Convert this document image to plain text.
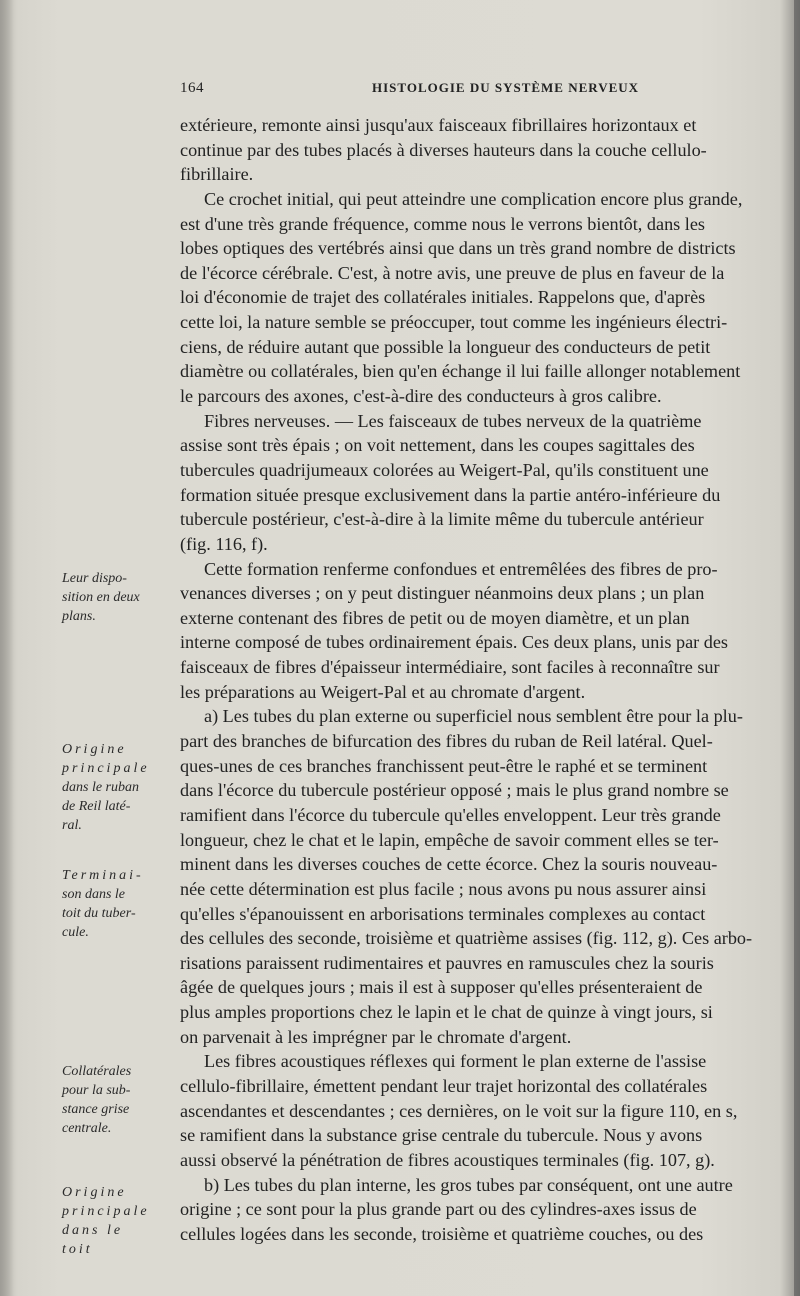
164	HISTOLOGIE DU SYSTÈME NERVEUX
extérieure, remonte ainsi jusqu'aux faisceaux fibrillaires horizontaux et
continue par des tubes placés à diverses hauteurs dans la couche cellulo-
fibrillaire.
Ce crochet initial, qui peut atteindre une complication encore plus grande,
est d'une très grande fréquence, comme nous le verrons bientôt, dans les
lobes optiques des vertébrés ainsi que dans un très grand nombre de districts
de l'écorce cérébrale. C'est, à notre avis, une preuve de plus en faveur de la
loi d'économie de trajet des collatérales initiales. Rappelons que, d'après
cette loi, la nature semble se préoccuper, tout comme les ingénieurs électri-
ciens, de réduire autant que possible la longueur des conducteurs de petit
diamètre ou collatérales, bien qu'en échange il lui faille allonger notablement
le parcours des axones, c'est-à-dire des conducteurs à gros calibre.
Fibres nerveuses. — Les faisceaux de tubes nerveux de la quatrième
assise sont très épais ; on voit nettement, dans les coupes sagittales des
tubercules quadrijumeaux colorées au Weigert-Pal, qu'ils constituent une
formation située presque exclusivement dans la partie antéro-inférieure du
tubercule postérieur, c'est-à-dire à la limite même du tubercule antérieur
(fig. 116, f).
Cette formation renferme confondues et entremêlées des fibres de pro-
venances diverses ; on y peut distinguer néanmoins deux plans ; un plan
externe contenant des fibres de petit ou de moyen diamètre, et un plan
interne composé de tubes ordinairement épais. Ces deux plans, unis par des
faisceaux de fibres d'épaisseur intermédiaire, sont faciles à reconnaître sur
les préparations au Weigert-Pal et au chromate d'argent.
a) Les tubes du plan externe ou superficiel nous semblent être pour la plu-
part des branches de bifurcation des fibres du ruban de Reil latéral. Quel-
ques-unes de ces branches franchissent peut-être le raphé et se terminent
dans l'écorce du tubercule postérieur opposé ; mais le plus grand nombre se
ramifient dans l'écorce du tubercule qu'elles enveloppent. Leur très grande
longueur, chez le chat et le lapin, empêche de savoir comment elles se ter-
minent dans les diverses couches de cette écorce. Chez la souris nouveau-
née cette détermination est plus facile ; nous avons pu nous assurer ainsi
qu'elles s'épanouissent en arborisations terminales complexes au contact
des cellules des seconde, troisième et quatrième assises (fig. 112, g). Ces arbo-
risations paraissent rudimentaires et pauvres en ramuscules chez la souris
âgée de quelques jours ; mais il est à supposer qu'elles présenteraient de
plus amples proportions chez le lapin et le chat de quinze à vingt jours, si
on parvenait à les imprégner par le chromate d'argent.
Les fibres acoustiques réflexes qui forment le plan externe de l'assise
cellulo-fibrillaire, émettent pendant leur trajet horizontal des collatérales
ascendantes et descendantes ; ces dernières, on le voit sur la figure 110, en s,
se ramifient dans la substance grise centrale du tubercule. Nous y avons
aussi observé la pénétration de fibres acoustiques terminales (fig. 107, g).
b) Les tubes du plan interne, les gros tubes par conséquent, ont une autre
origine ; ce sont pour la plus grande part ou des cylindres-axes issus de
cellules logées dans les seconde, troisième et quatrième couches, ou des
Leur dispo-
sition en deux
plans.
Origine
principale
dans le ruban
de Reil laté-
ral.
Terminai-
son dans le
toit du tuber-
cule.
Collatérales
pour la sub-
stance grise
centrale.
Origine
principale
dans le toit
